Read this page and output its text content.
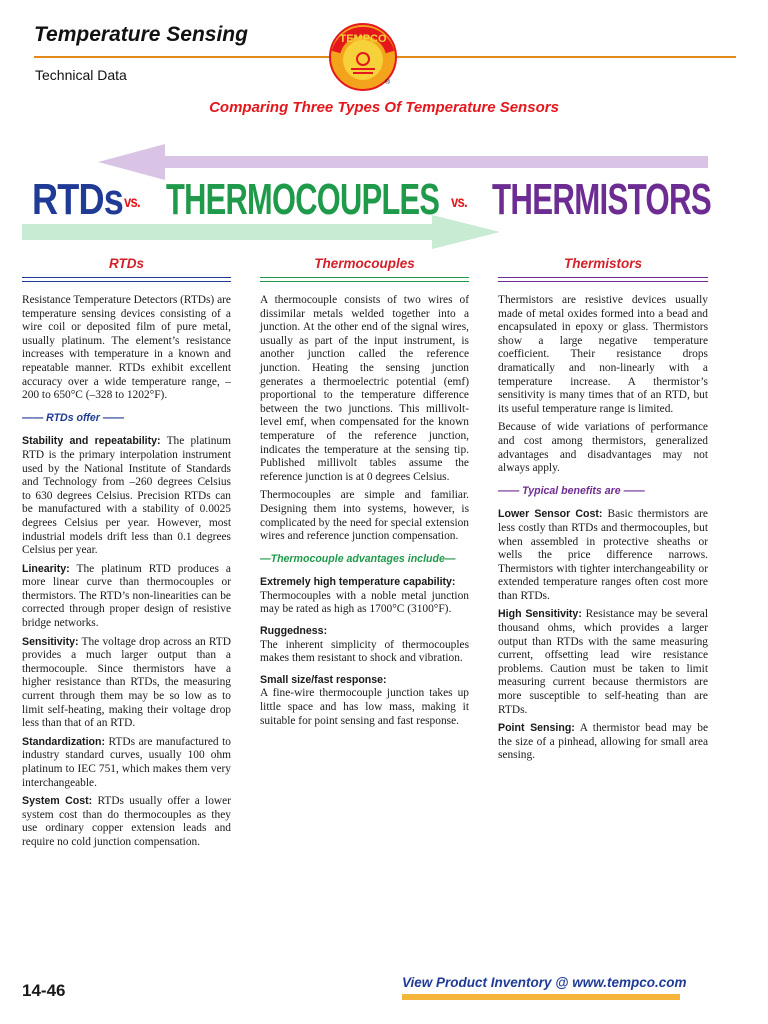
Temperature Sensing
Technical Data
TEMPCO
®
Comparing Three Types Of Temperature Sensors
RTDs vs. THERMOCOUPLES vs. THERMISTORS
RTDs	Thermocouples	Thermistors

Resistance Temperature Detectors (RTDs) are temperature sensing devices consisting of a wire coil or deposited film of pure metal, usually platinum. The element’s resistance increases with temperature in a known and repeatable manner. RTDs exhibit excellent accuracy over a wide temperature range, –200 to 650°C (–328 to 1202°F).

—— RTDs offer ——

Stability and repeatability: The platinum RTD is the primary interpolation instrument used by the National Institute of Standards and Technology from –260 degrees Celsius to 630 degrees Celsius. Precision RTDs can be manufactured with a stability of 0.0025 degrees Celsius per year. However, most industrial models drift less than 0.1 degrees Celsius per year.

Linearity: The platinum RTD produces a more linear curve than thermocouples or thermistors. The RTD’s non-linearities can be corrected through proper design of resistive bridge networks.

Sensitivity: The voltage drop across an RTD provides a much larger output than a thermocouple. Since thermistors have a higher resistance than RTDs, the measuring current through them may be so low as to limit self-heating, making their voltage drop less than that of an RTD.

Standardization: RTDs are manufactured to industry standard curves, usually 100 ohm platinum to IEC 751, which makes them very interchangeable.

System Cost: RTDs usually offer a lower system cost than do thermocouples as they use ordinary copper extension leads and require no cold junction compensation.

A thermocouple consists of two wires of dissimilar metals welded together into a junction. At the other end of the signal wires, usually as part of the input instrument, is another junction called the reference junction. Heating the sensing junction generates a thermoelectric potential (emf) proportional to the temperature difference between the two junctions. This millivolt-level emf, when compensated for the known temperature of the reference junction, indicates the temperature at the sensing tip. Published millivolt tables assume the reference junction is at 0 degrees Celsius.

Thermocouples are simple and familiar. Designing them into systems, however, is complicated by the need for special extension wires and reference junction compensation.

—Thermocouple advantages include—

Extremely high temperature capability:
Thermocouples with a noble metal junction may be rated as high as 1700°C (3100°F).

Ruggedness:
The inherent simplicity of thermocouples makes them resistant to shock and vibration.

Small size/fast response:
A fine-wire thermocouple junction takes up little space and has low mass, making it suitable for point sensing and fast response.

Thermistors are resistive devices usually made of metal oxides formed into a bead and encapsulated in epoxy or glass. Thermistors show a large negative temperature coefficient. Their resistance drops dramatically and non-linearly with a temperature increase. A thermistor’s sensitivity is many times that of an RTD, but its useful temperature range is limited.

Because of wide variations of performance and cost among thermistors, generalized advantages and disadvantages may not always apply.

—— Typical benefits are ——

Lower Sensor Cost: Basic thermistors are less costly than RTDs and thermocouples, but when assembled in protective sheaths or wells the price difference narrows. Thermistors with tighter interchangeability or extended temperature ranges often cost more than RTDs.

High Sensitivity: Resistance may be several thousand ohms, which provides a larger output than RTDs with the same measuring current, offsetting lead wire resistance problems. Caution must be taken to limit measuring current because thermistors are more susceptible to self-heating than are RTDs.

Point Sensing: A thermistor bead may be the size of a pinhead, allowing for small area sensing.

14-46	View Product Inventory @ www.tempco.com
